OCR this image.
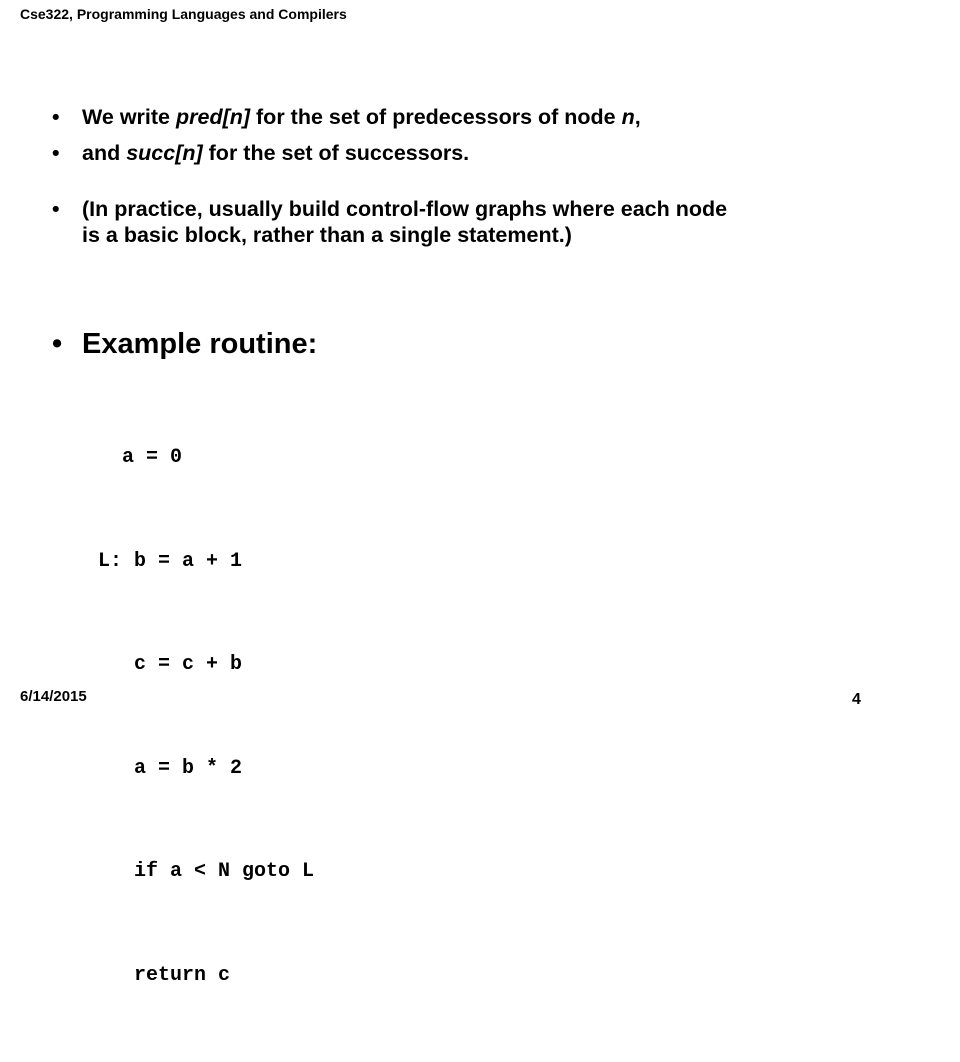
Cse322, Programming Languages and Compilers
• We write pred[n] for the set of predecessors of node n,
• and succ[n] for the set of successors.
• (In practice, usually build control-flow graphs where each node
is a basic block, rather than a single statement.)
• Example routine:

a = 0

L: b = a + 1

c = c + b

a = b * 2

if a < N goto L

return c

6/14/2015	4
